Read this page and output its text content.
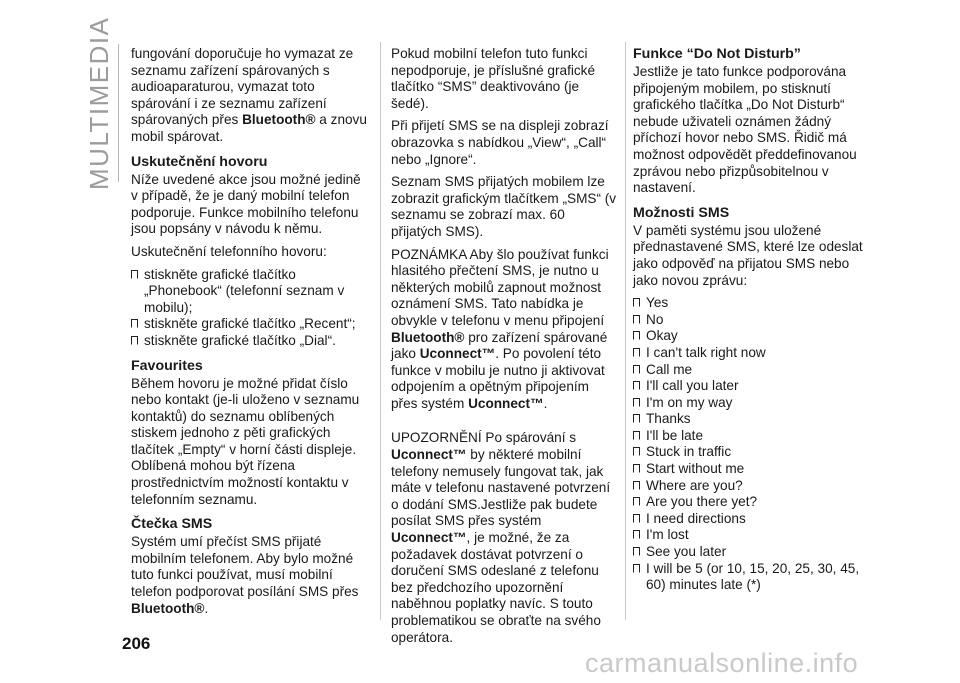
MULTIMEDIA fungování doporučuje ho vymazat ze seznamu zařízení spárovaných s audioaparaturou, vymazat toto spárování i ze seznamu zařízení spárovaných přes Bluetooth® a znovu mobil spárovat.

Uskutečnění hovoru

Níže uvedené akce jsou možné jedině v případě, že je daný mobilní telefon podporuje. Funkce mobilního telefonu jsou popsány v návodu k němu.

Uskutečnění telefonního hovoru:

stiskněte grafické tlačítko „Phonebook“ (telefonní seznam v mobilu);
stiskněte grafické tlačítko „Recent“;
stiskněte grafické tlačítko „Dial“.
Favourites

Během hovoru je možné přidat číslo nebo kontakt (je-li uloženo v seznamu kontaktů) do seznamu oblíbených stiskem jednoho z pěti grafických tlačítek „Empty“ v horní části displeje. Oblíbená mohou být řízena prostřednictvím možností kontaktu v telefonním seznamu.

Čtečka SMS

Systém umí přečíst SMS přijaté mobilním telefonem. Aby bylo možné tuto funkci používat, musí mobilní telefon podporovat posílání SMS přes Bluetooth®.

Pokud mobilní telefon tuto funkci nepodporuje, je příslušné grafické tlačítko “SMS” deaktivováno (je šedé).

Při přijetí SMS se na displeji zobrazí obrazovka s nabídkou „View“, „Call“ nebo „Ignore“.

Seznam SMS přijatých mobilem lze zobrazit grafickým tlačítkem „SMS“ (v seznamu se zobrazí max. 60 přijatých SMS).

POZNÁMKA Aby šlo používat funkci hlasitého přečtení SMS, je nutno u některých mobilů zapnout možnost oznámení SMS. Tato nabídka je obvykle v telefonu v menu připojení Bluetooth® pro zařízení spárované jako Uconnect™. Po povolení této funkce v mobilu je nutno ji aktivovat odpojením a opětným připojením přes systém Uconnect™.

UPOZORNĚNÍ Po spárování s Uconnect™ by některé mobilní telefony nemusely fungovat tak, jak máte v telefonu nastavené potvrzení o dodání SMS.Jestliže pak budete posílat SMS přes systém Uconnect™, je možné, že za požadavek dostávat potvrzení o doručení SMS odeslané z telefonu bez předchozího upozornění naběhnou poplatky navíc. S touto problematikou se obraťte na svého operátora.

Funkce “Do Not Disturb”

Jestliže je tato funkce podporována připojeným mobilem, po stisknutí grafického tlačítka „Do Not Disturb“ nebude uživateli oznámen žádný příchozí hovor nebo SMS. Řidič má možnost odpovědět předdefinovanou zprávou nebo přizpůsobitelnou v nastavení.

Možnosti SMS

V paměti systému jsou uložené přednastavené SMS, které lze odeslat jako odpověď na přijatou SMS nebo jako novou zprávu:

Yes
No
Okay
I can't talk right now
Call me
I'll call you later
I'm on my way
Thanks
I'll be late
Stuck in traffic
Start without me
Where are you?
Are you there yet?
I need directions
I'm lost
See you later
I will be 5 (or 10, 15, 20, 25, 30, 45, 60) minutes late (*)
206
carmanualsonline.info
